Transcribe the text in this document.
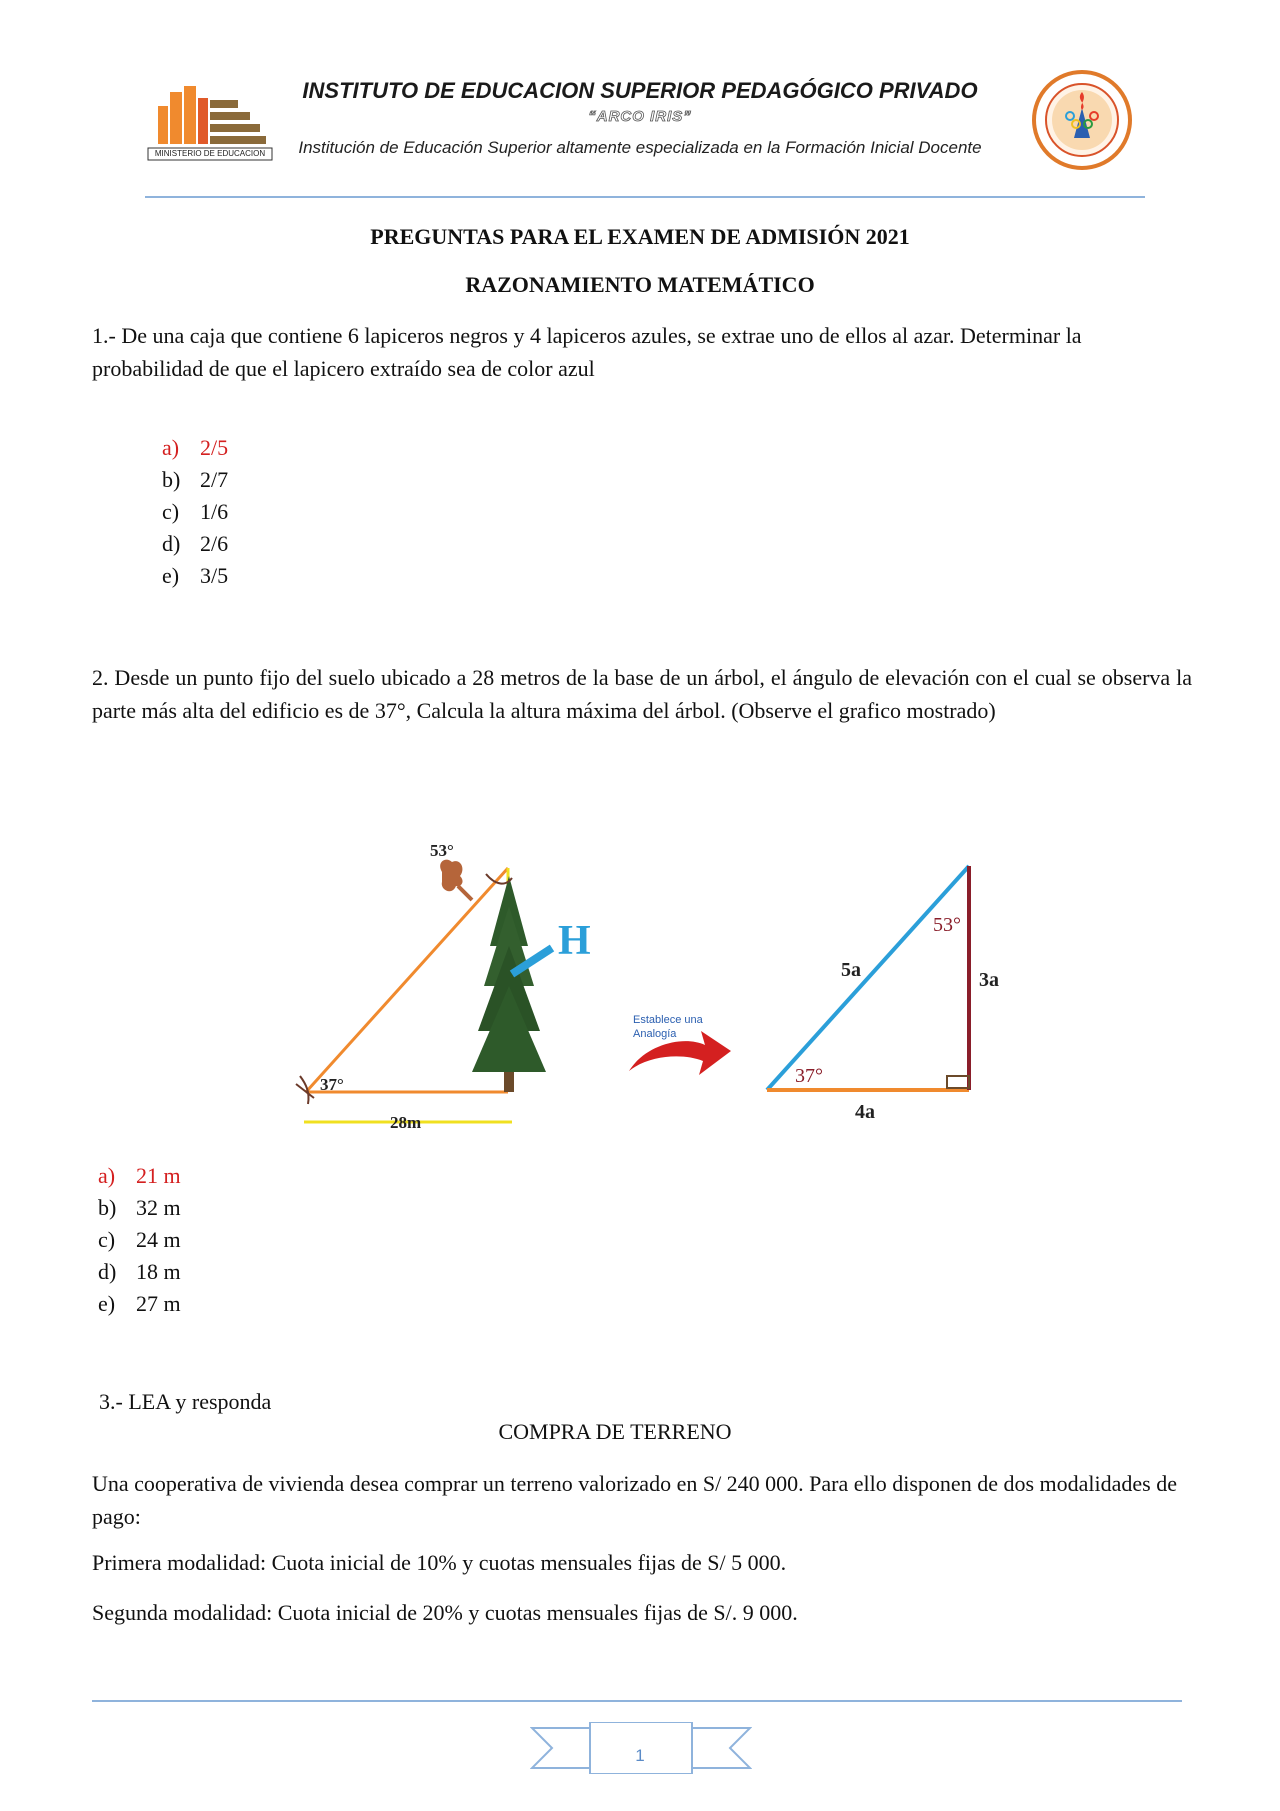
MINISTERIO DE EDUCACION
INSTITUTO DE EDUCACION SUPERIOR PEDAGÓGICO PRIVADO
“ARCO IRIS”
Institución de Educación Superior altamente especializada en la Formación Inicial Docente
PREGUNTAS PARA EL EXAMEN DE ADMISIÓN 2021
RAZONAMIENTO MATEMÁTICO
1.- De una caja que contiene 6 lapiceros negros y 4 lapiceros azules, se extrae uno de ellos al azar. Determinar la probabilidad de que el lapicero extraído sea de color azul
a) 2/5
b) 2/7
c) 1/6
d) 2/6
e) 3/5
2. Desde un punto fijo del suelo ubicado a 28 metros de la base de un árbol, el ángulo de elevación con el cual se observa la parte más alta del edificio es de 37°, Calcula la altura máxima del árbol. (Observe el grafico mostrado)
53°
37°
28m
H
Establece una
Analogía
53°
37°
5a	3a
4a
a) 21 m
b) 32 m
c) 24 m
d) 18 m
e) 27 m
3.- LEA y responda
COMPRA DE TERRENO
Una cooperativa de vivienda desea comprar un terreno valorizado en S/ 240 000. Para ello disponen de dos modalidades de pago:
Primera modalidad: Cuota inicial de 10% y cuotas mensuales fijas de S/ 5 000.
Segunda modalidad: Cuota inicial de 20% y cuotas mensuales fijas de S/. 9 000.
1
